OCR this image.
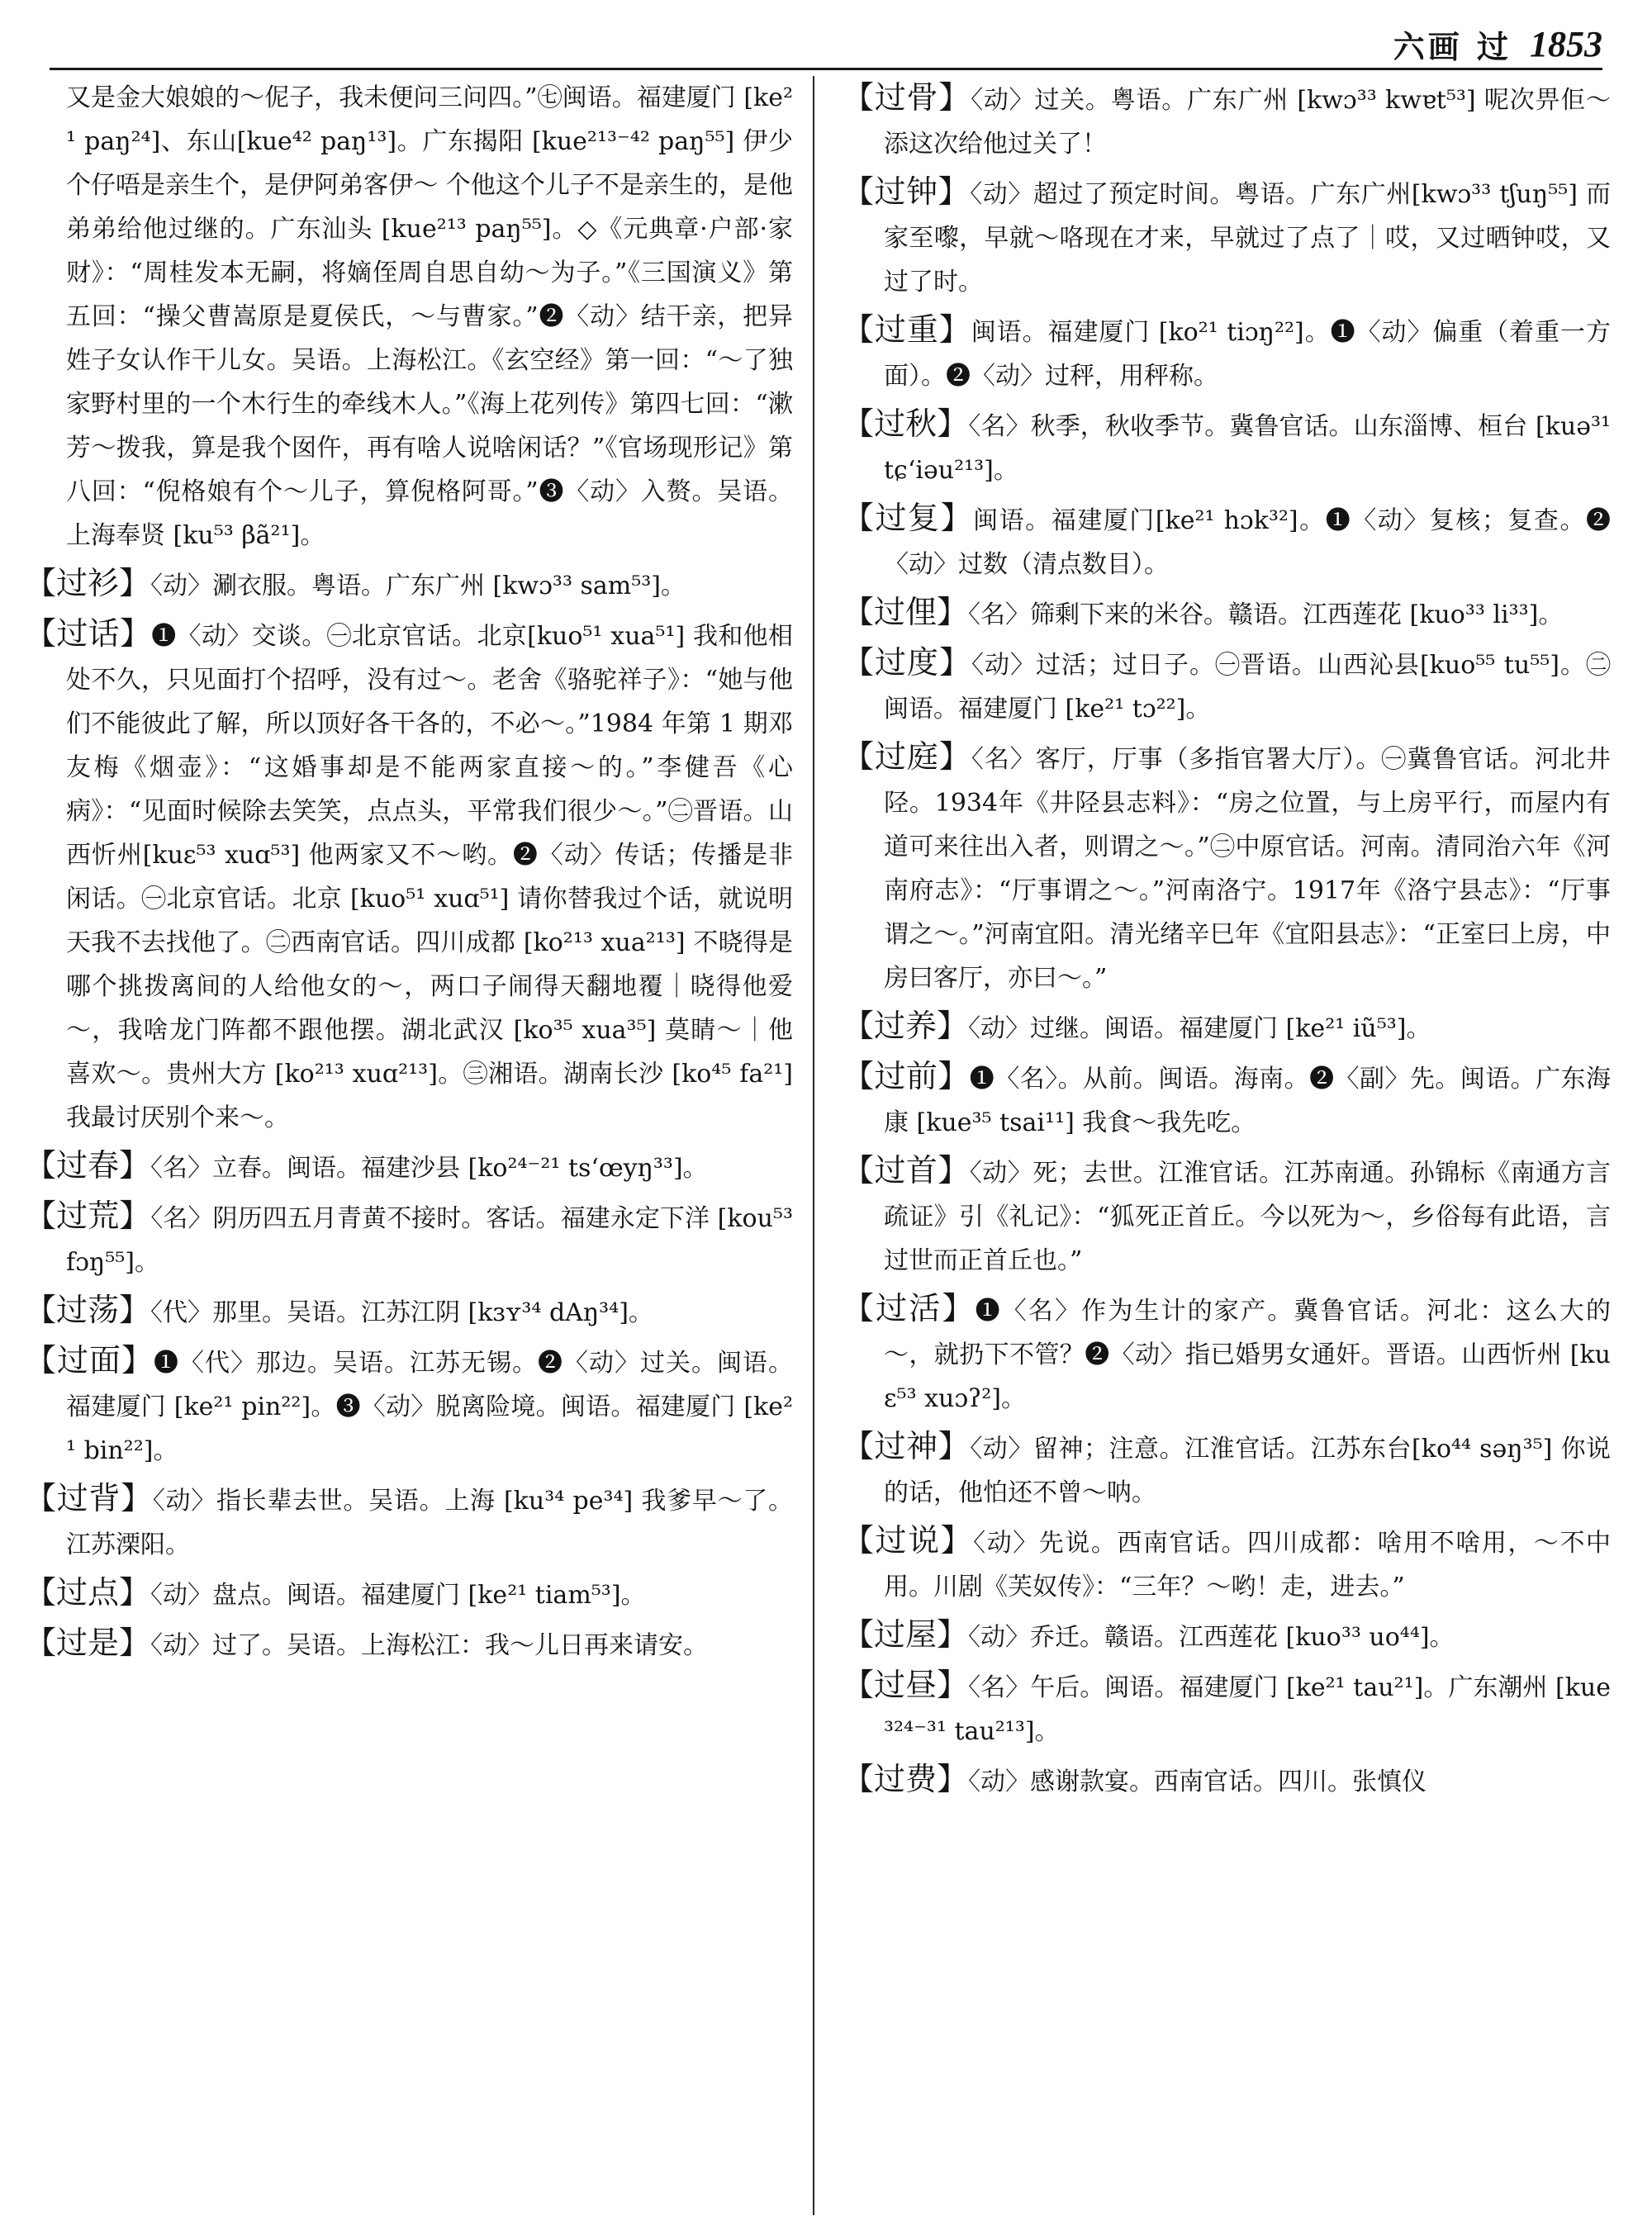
六画 过 1853

又是金大娘娘的～伲子，我未便问三问四。”㊆闽语。福建厦门 [ke²¹ paŋ²⁴]、东山[kue⁴² paŋ¹³]。广东揭阳 [kue²¹³⁻⁴² paŋ⁵⁵] 伊少个仔唔是亲生个，是伊阿弟客伊～ 个他这个儿子不是亲生的，是他弟弟给他过继的。广东汕头 [kue²¹³ paŋ⁵⁵]。◇《元典章·户部·家财》：“周桂发本无嗣，将嫡侄周自思自幼～为子。”《三国演义》第五回：“操父曹嵩原是夏侯氏，～与曹家。”❷〈动〉结干亲，把异姓子女认作干儿女。吴语。上海松江。《玄空经》第一回：“～了独家野村里的一个木行生的牵线木人。”《海上花列传》第四七回：“漱芳～拨我，算是我个囡仵，再有啥人说啥闲话？”《官场现形记》第八回：“倪格娘有个～儿子，算倪格阿哥。”❸〈动〉入赘。吴语。上海奉贤 [ku⁵³ βã²¹]。

【过衫】〈动〉涮衣服。粤语。广东广州 [kwɔ³³ sam⁵³]。

【过话】❶〈动〉交谈。㊀北京官话。北京[kuo⁵¹ xua⁵¹] 我和他相处不久，只见面打个招呼，没有过～。老舍《骆驼祥子》：“她与他们不能彼此了解，所以顶好各干各的，不必～。”1984 年第 1 期邓友梅《烟壶》：“这婚事却是不能两家直接～的。”李健吾《心病》：“见面时候除去笑笑，点点头，平常我们很少～。”㊁晋语。山西忻州[kuɛ⁵³ xuɑ⁵³] 他两家又不～哟。❷〈动〉传话；传播是非闲话。㊀北京官话。北京 [kuo⁵¹ xuɑ⁵¹] 请你替我过个话，就说明天我不去找他了。㊁西南官话。四川成都 [ko²¹³ xua²¹³] 不晓得是哪个挑拨离间的人给他女的～，两口子闹得天翻地覆｜晓得他爱～，我啥龙门阵都不跟他摆。湖北武汉 [ko³⁵ xua³⁵] 莫睛～｜他喜欢～。贵州大方 [ko²¹³ xuɑ²¹³]。㊂湘语。湖南长沙 [ko⁴⁵ fa²¹] 我最讨厌别个来～。

【过春】〈名〉立春。闽语。福建沙县 [ko²⁴⁻²¹ ts‘œyŋ³³]。

【过荒】〈名〉阴历四五月青黄不接时。客话。福建永定下洋 [kou⁵³ fɔŋ⁵⁵]。

【过荡】〈代〉那里。吴语。江苏江阴 [kɜʏ³⁴ dAŋ³⁴]。

【过面】❶〈代〉那边。吴语。江苏无锡。❷〈动〉过关。闽语。福建厦门 [ke²¹ pin²²]。❸〈动〉脱离险境。闽语。福建厦门 [ke²¹ bin²²]。

【过背】〈动〉指长辈去世。吴语。上海 [ku³⁴ pe³⁴] 我爹早～了。江苏溧阳。

【过点】〈动〉盘点。闽语。福建厦门 [ke²¹ tiam⁵³]。

【过是】〈动〉过了。吴语。上海松江：我～儿日再来请安。

【过骨】〈动〉过关。粤语。广东广州 [kwɔ³³ kwɐt⁵³] 呢次畀佢～添这次给他过关了！

【过钟】〈动〉超过了预定时间。粤语。广东广州[kwɔ³³ tʃuŋ⁵⁵] 而家至嚟，早就～咯现在才来，早就过了点了｜哎，又过晒钟哎，又过了时。

【过重】闽语。福建厦门 [ko²¹ tiɔŋ²²]。❶〈动〉偏重（着重一方面）。❷〈动〉过秤，用秤称。

【过秋】〈名〉秋季，秋收季节。冀鲁官话。山东淄博、桓台 [kuə³¹ tɕ‘iəu²¹³]。

【过复】闽语。福建厦门[ke²¹ hɔk³²]。❶〈动〉复核；复查。❷〈动〉过数（清点数目）。

【过俚】〈名〉筛剩下来的米谷。赣语。江西莲花 [kuo³³ li³³]。

【过度】〈动〉过活；过日子。㊀晋语。山西沁县[kuo⁵⁵ tu⁵⁵]。㊁闽语。福建厦门 [ke²¹ tɔ²²]。

【过庭】〈名〉客厅，厅事（多指官署大厅）。㊀冀鲁官话。河北井陉。1934年《井陉县志料》：“房之位置，与上房平行，而屋内有道可来往出入者，则谓之～。”㊁中原官话。河南。清同治六年《河南府志》：“厅事谓之～。”河南洛宁。1917年《洛宁县志》：“厅事谓之～。”河南宜阳。清光绪辛巳年《宜阳县志》：“正室曰上房，中房曰客厅，亦曰～。”

【过养】〈动〉过继。闽语。福建厦门 [ke²¹ iũ⁵³]。

【过前】❶〈名〉。从前。闽语。海南。❷〈副〉先。闽语。广东海康 [kue³⁵ tsai¹¹] 我食～我先吃。

【过首】〈动〉死；去世。江淮官话。江苏南通。孙锦标《南通方言疏证》引《礼记》：“狐死正首丘。今以死为～，乡俗每有此语，言过世而正首丘也。”

【过活】❶〈名〉作为生计的家产。冀鲁官话。河北：这么大的～，就扔下不管？❷〈动〉指已婚男女通奸。晋语。山西忻州 [kuɛ⁵³ xuɔʔ²]。

【过神】〈动〉留神；注意。江淮官话。江苏东台[ko⁴⁴ səŋ³⁵] 你说的话，他怕还不曾～呐。

【过说】〈动〉先说。西南官话。四川成都：啥用不啥用，～不中用。川剧《芙奴传》：“三年？～哟！走，进去。”

【过屋】〈动〉乔迁。赣语。江西莲花 [kuo³³ uo⁴⁴]。

【过昼】〈名〉午后。闽语。福建厦门 [ke²¹ tau²¹]。广东潮州 [kue³²⁴⁻³¹ tau²¹³]。

【过费】〈动〉感谢款宴。西南官话。四川。张慎仪
